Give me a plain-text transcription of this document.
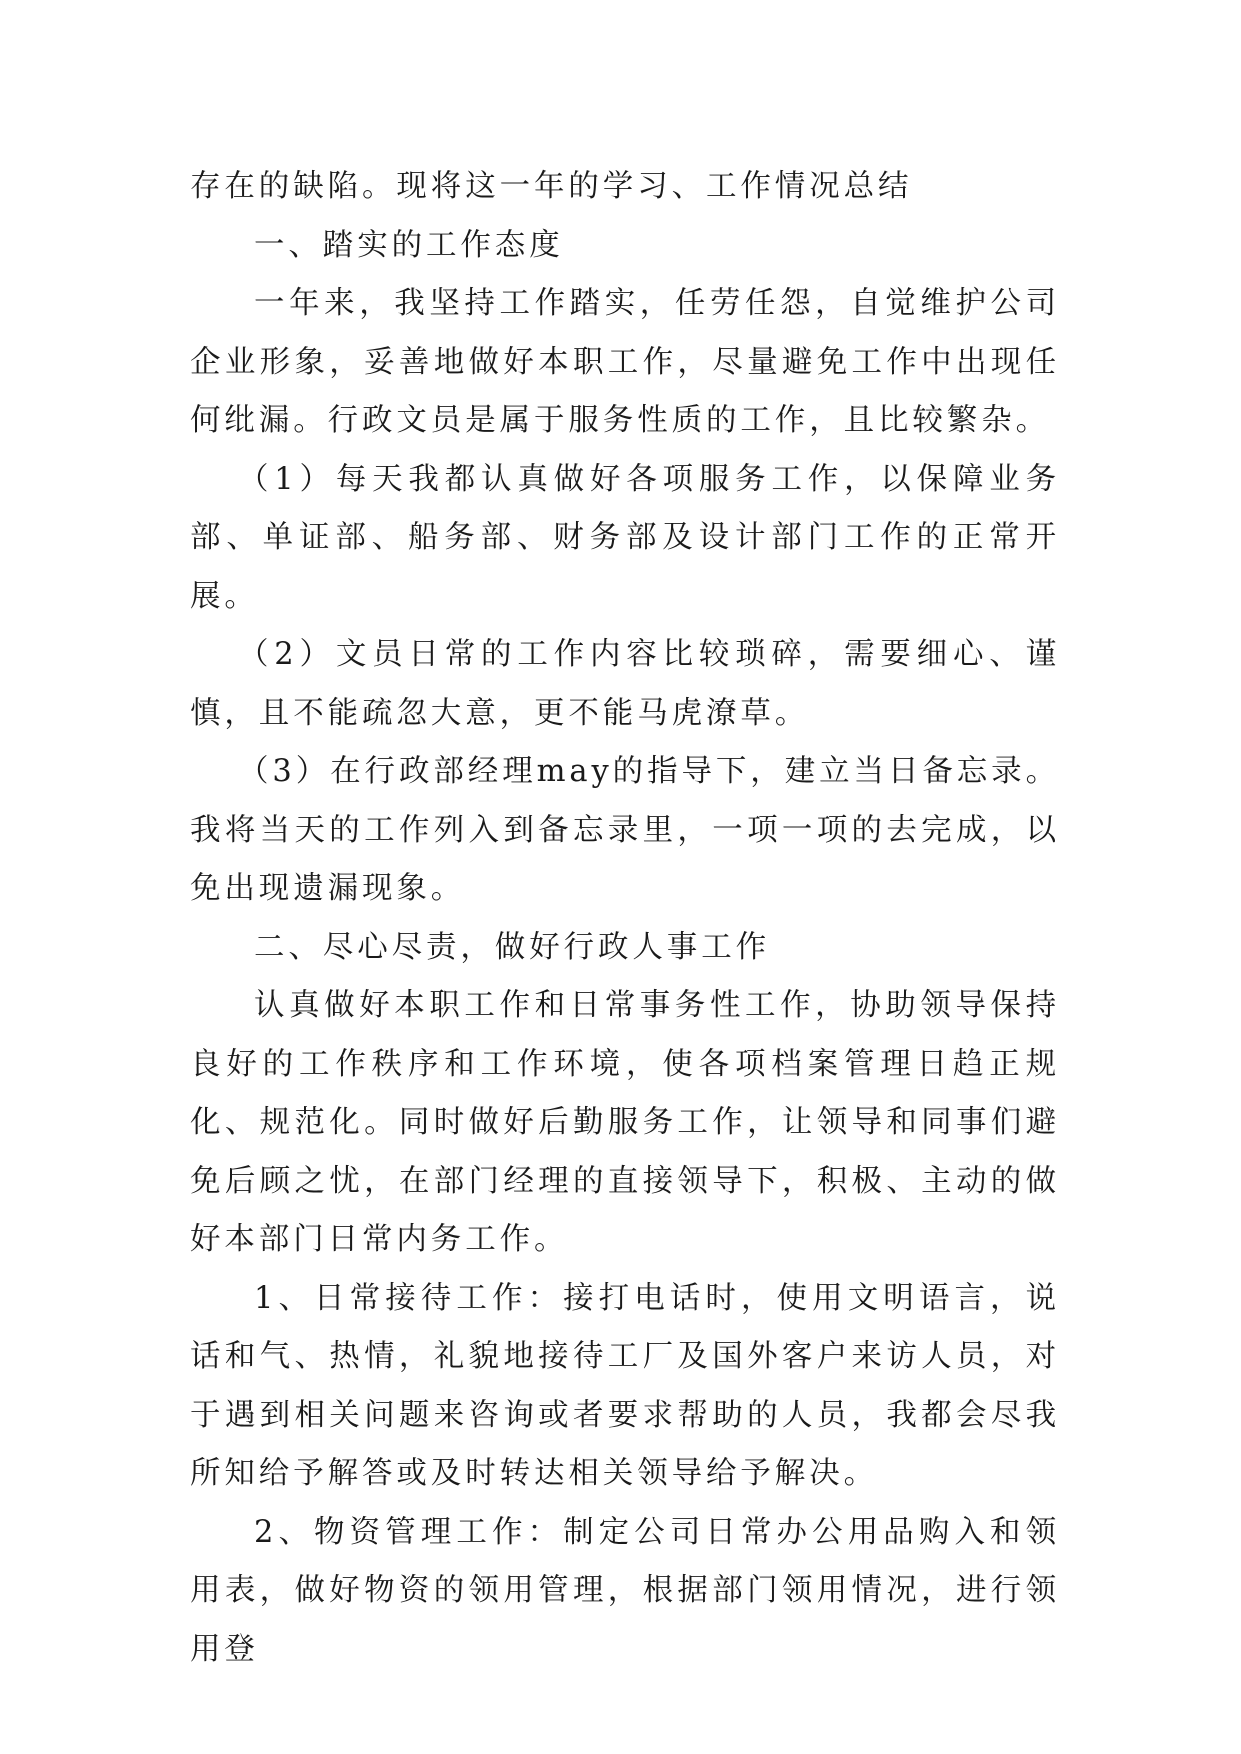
存在的缺陷。现将这一年的学习、工作情况总结

一、踏实的工作态度

一年来，我坚持工作踏实，任劳任怨，自觉维护公司企业形象，妥善地做好本职工作，尽量避免工作中出现任何纰漏。行政文员是属于服务性质的工作，且比较繁杂。

（1）每天我都认真做好各项服务工作，以保障业务部、单证部、船务部、财务部及设计部门工作的正常开展。

（2）文员日常的工作内容比较琐碎，需要细心、谨慎，且不能疏忽大意，更不能马虎潦草。

（3）在行政部经理may的指导下，建立当日备忘录。我将当天的工作列入到备忘录里，一项一项的去完成，以免出现遗漏现象。

二、尽心尽责，做好行政人事工作

认真做好本职工作和日常事务性工作，协助领导保持良好的工作秩序和工作环境，使各项档案管理日趋正规化、规范化。同时做好后勤服务工作，让领导和同事们避免后顾之忧，在部门经理的直接领导下，积极、主动的做好本部门日常内务工作。

1、日常接待工作：接打电话时，使用文明语言，说话和气、热情，礼貌地接待工厂及国外客户来访人员，对于遇到相关问题来咨询或者要求帮助的人员，我都会尽我所知给予解答或及时转达相关领导给予解决。

2、物资管理工作：制定公司日常办公用品购入和领用表，做好物资的领用管理，根据部门领用情况，进行领用登
